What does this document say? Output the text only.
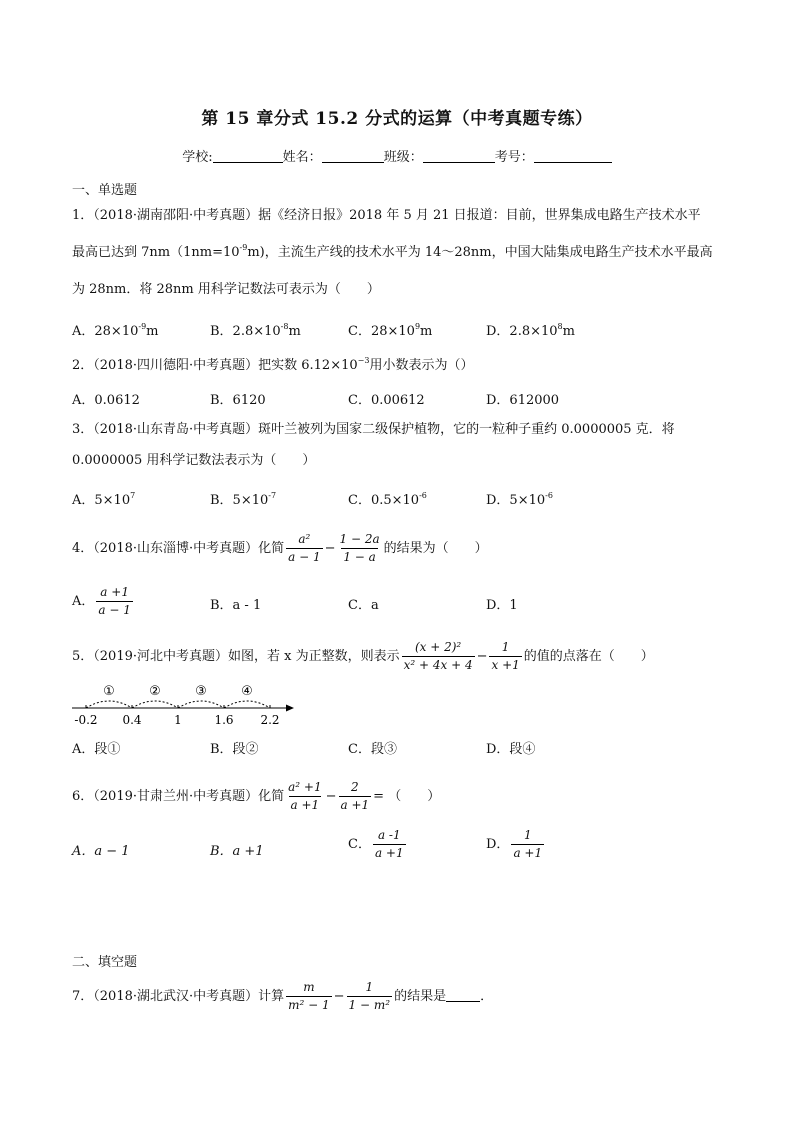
第 15 章分式 15.2 分式的运算（中考真题专练）
学校:	姓名：	班级：	考号：
一、单选题
1．（2018·湖南邵阳·中考真题）据《经济日报》2018 年 5 月 21 日报道：目前，世界集成电路生产技术水平
最高已达到 $7nm(1nm=10^{-9}m)$，主流生产线的技术水平为 14～28nm，中国大陆集成电路生产技术水平最高
为 28nm．将 28nm 用科学记数法可表示为（　　）
A．$28\times 10^{-9}m$	B．$2.8\times 10^{-8}m$	C．$28\times 10^9m$	D．$2.8\times 10^8m$
2．（2018·四川德阳·中考真题）把实数 $6.12\times 10^{-3}$用小数表示为（）
A．0.0612	B．6120	C．0.00612	D．612000
3．（2018·山东青岛·中考真题）斑叶兰被列为国家二级保护植物，它的一粒种子重约 0.0000005 克．将
0.0000005 用科学记数法表示为（　　）
A．$5\times 10^7$	B．$5\times 10^{-7}$	C．$0.5\times 10^{-6}$	D．$5\times 10^{-6}$
4．（2018·山东淄博·中考真题）化简 $\frac{\text{a²}}{a - 1} - \frac{1 - 2a}{1 - a}$ 的结果为（　　）
A． $\frac{a +1}{a - 1}$	B．a - 1	C．a	D．1
5．（2019·河北中考真题）如图，若 x 为正整数，则表示 $\frac{\text{(x + 2)²}}{\text{x² + 4x + 4}} - \frac{1}{x +1}$ 的值的点落在（　　）
-0.2 0.4	1	1.6 2.2
①	②	③	④
A．段①	B．段②	C．段③	D．段④
6．（2019·甘肃兰州·中考真题）化简 $\frac{\text{a² +1}}{a +1} - \frac{2}{a +1}$ = （　　）
A．a − 1	B．a +1	C． $\frac{a -1}{a +1}$	D． $\frac{1}{a +1}$
二、填空题
7．（2018·湖北武汉·中考真题）计算 $\frac{m}{\text{m² − 1}} - \frac{1}{\text{1 − m²}}$ 的结果是	．
